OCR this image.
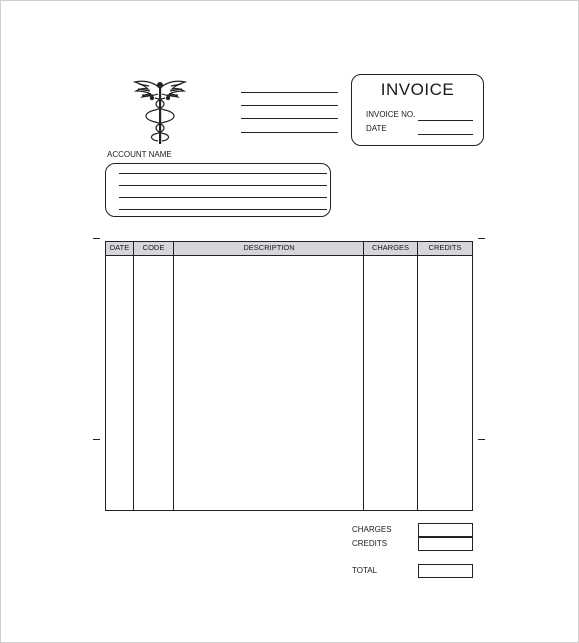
INVOICE
INVOICE NO.
DATE
ACCOUNT NAME
DATE	CODE	DESCRIPTION	CHARGES	CREDITS
CHARGES
CREDITS
TOTAL
